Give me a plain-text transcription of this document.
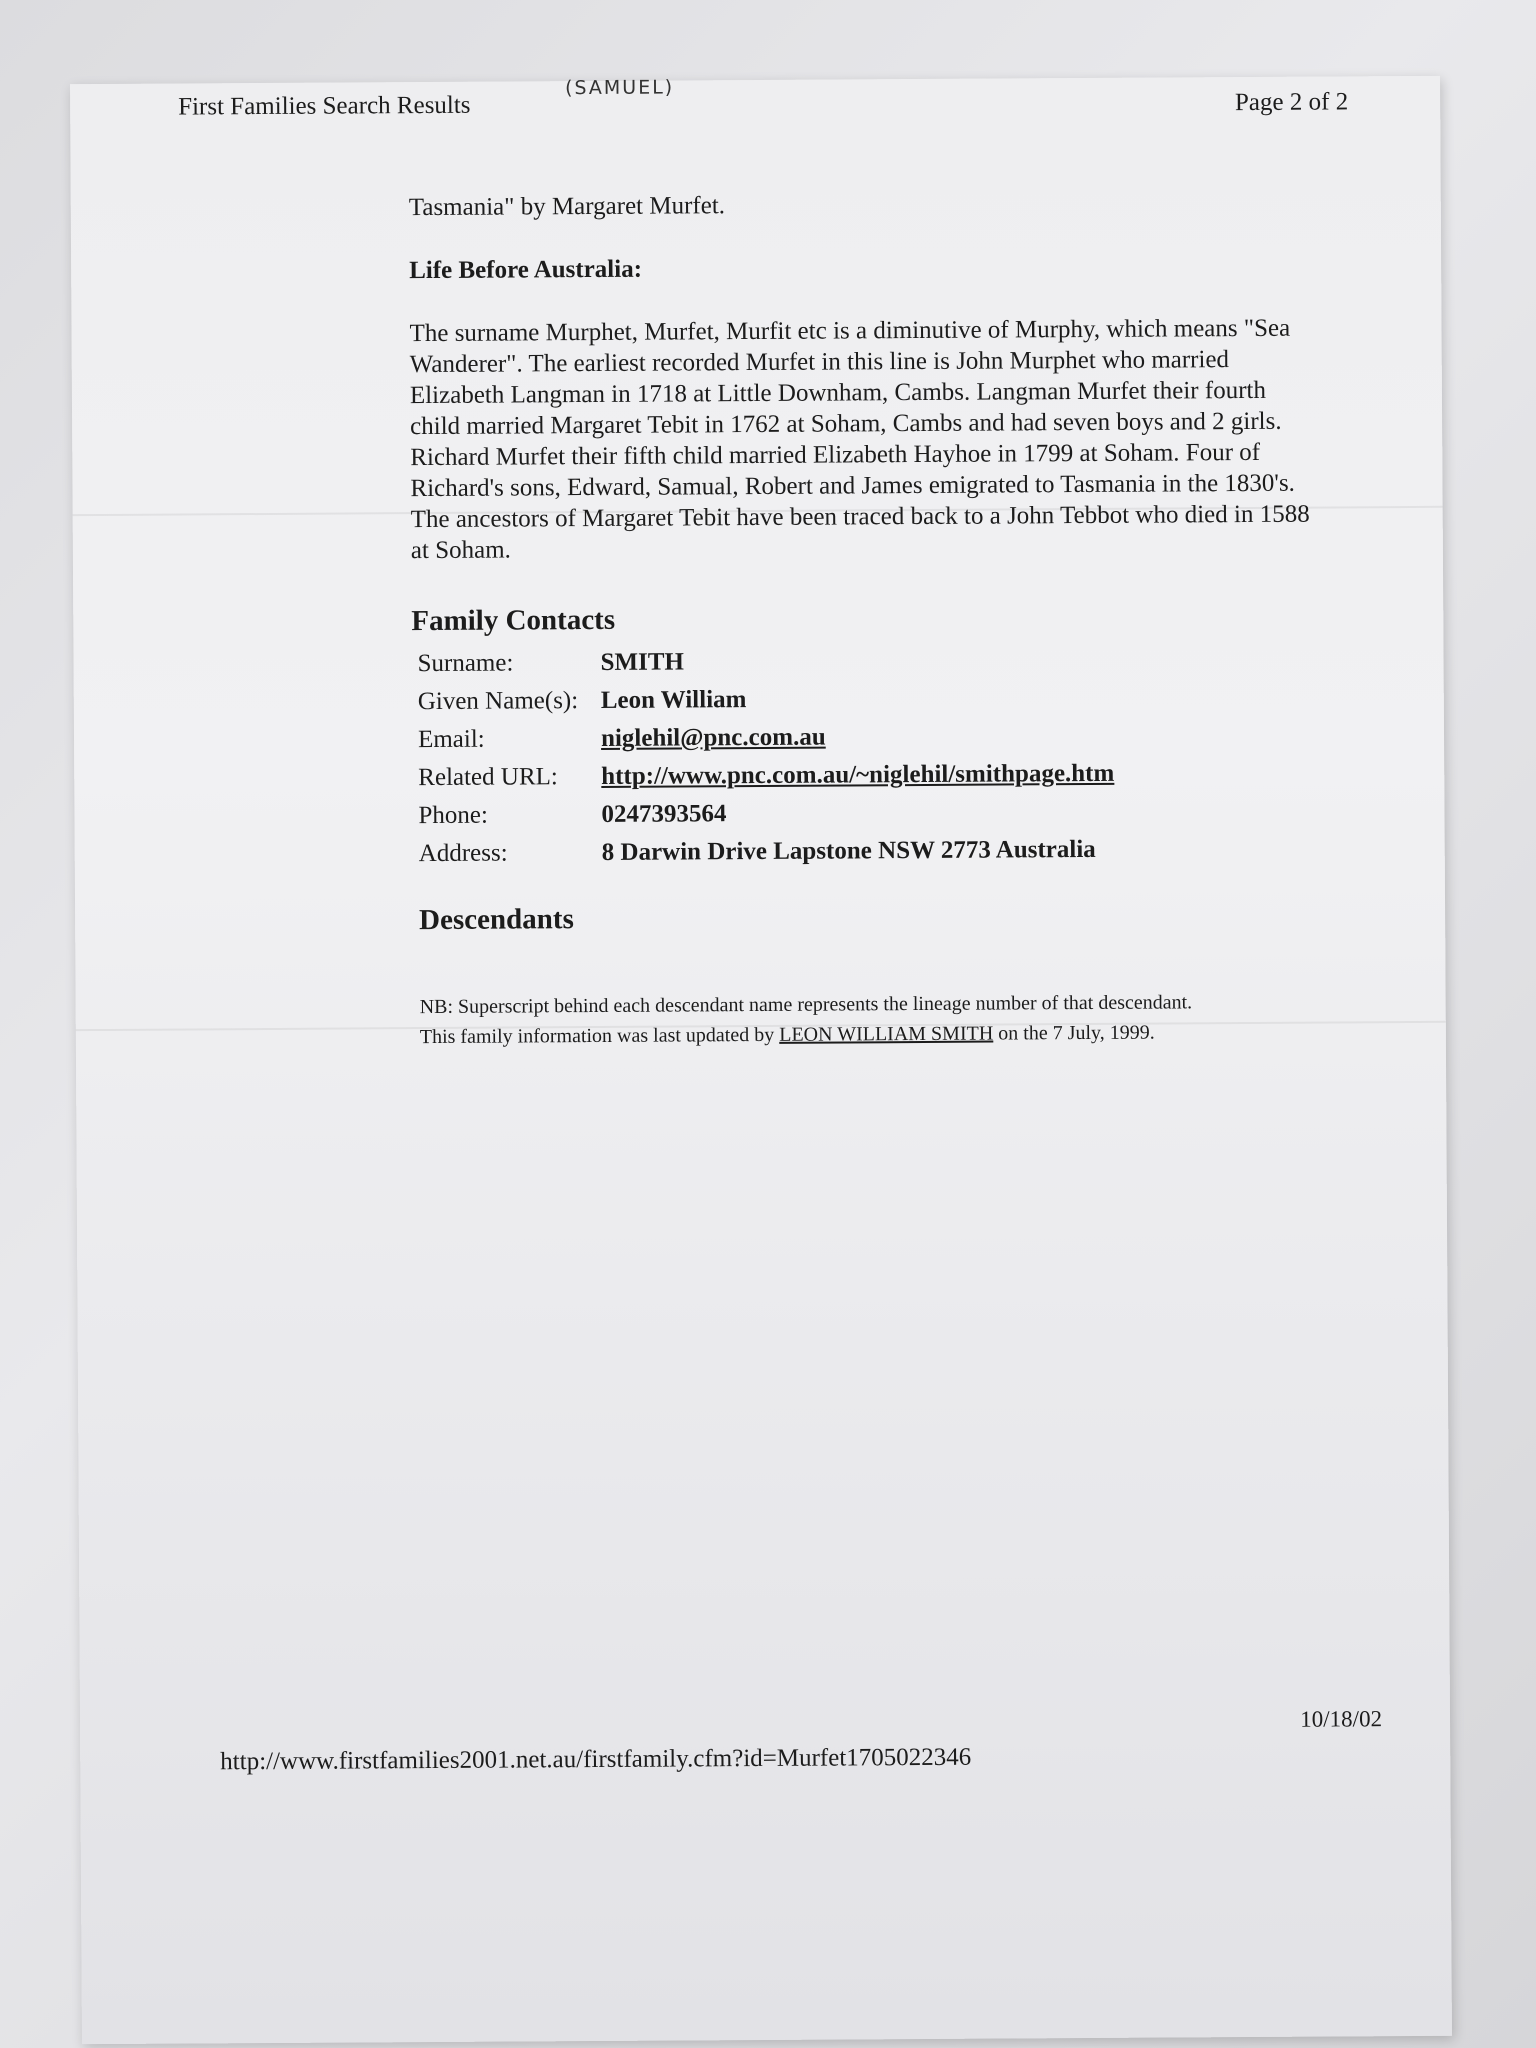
First Families Search Results
(SAMUEL)
Page 2 of 2

Tasmania" by Margaret Murfet.

Life Before Australia:

The surname Murphet, Murfet, Murfit etc is a diminutive of Murphy, which means "Sea Wanderer". The earliest recorded Murfet in this line is John Murphet who married Elizabeth Langman in 1718 at Little Downham, Cambs. Langman Murfet their fourth child married Margaret Tebit in 1762 at Soham, Cambs and had seven boys and 2 girls. Richard Murfet their fifth child married Elizabeth Hayhoe in 1799 at Soham. Four of Richard's sons, Edward, Samual, Robert and James emigrated to Tasmania in the 1830's. The ancestors of Margaret Tebit have been traced back to a John Tebbot who died in 1588 at Soham.

Family Contacts
Surname:	SMITH
Given Name(s):	Leon William
Email:	niglehil@pnc.com.au
Related URL:	http://www.pnc.com.au/~niglehil/smithpage.htm
Phone:	0247393564
Address:	8 Darwin Drive Lapstone NSW 2773 Australia
Descendants
NB: Superscript behind each descendant name represents the lineage number of that descendant.
This family information was last updated by LEON WILLIAM SMITH on the 7 July, 1999.
10/18/02
http://www.firstfamilies2001.net.au/firstfamily.cfm?id=Murfet1705022346
